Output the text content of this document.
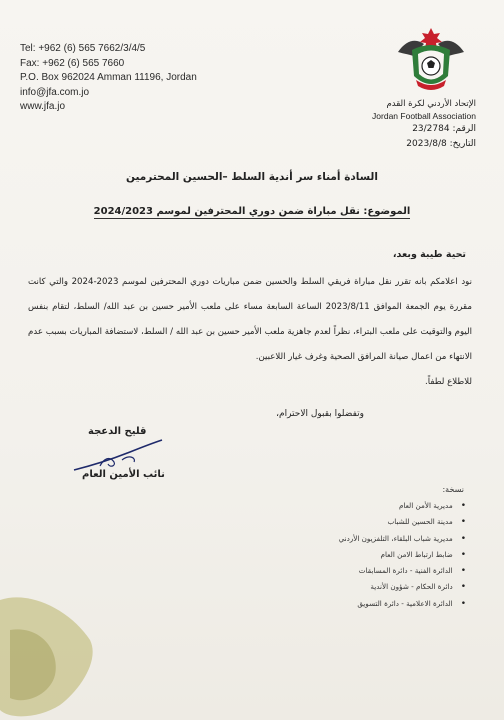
Tel: +962 (6) 565 7662/3/4/5
Fax: +962 (6) 565 7660
P.O. Box 962024 Amman 11196, Jordan
info@jfa.com.jo
www.jfa.jo	الإتحاد الأردني لكرة القدم
Jordan Football Association
الرقم: 23/2784
التاريخ: 2023/8/8
السادة أمناء سر أندية السلط –الحسين المحترمين
الموضوع: نقل مباراة ضمن دوري المحترفين لموسم 2024/2023
تحية طيبة وبعد،

نود اعلامكم بانه تقرر نقل مباراة فريقي السلط والحسين ضمن مباريات دوري المحترفين لموسم 2023-2024 والتي كانت مقررة يوم الجمعة الموافق 2023/8/11 الساعة السابعة مساء على ملعب الأمير حسين بن عبد الله/ السلط، لتقام بنفس اليوم والتوقيت على ملعب البتراء، نظراً لعدم جاهزية ملعب الأمير حسين بن عبد الله / السلط، لاستضافة المباريات بسبب عدم الانتهاء من اعمال صيانة المرافق الصحية وغرف غيار اللاعبين.

للاطلاع لطفاً.

وتفضلوا بقبول الاحترام،
قليح الدعجة
نائب الأمين العام
نسخة:
• مديرية الأمن العام
• مدينة الحسين للشباب
• مديرية شباب البلقاء، التلفزيون الأردني
• ضابط ارتباط الامن العام
• الدائرة الفنية - دائرة المسابقات
• دائرة الحكام - شؤون الأندية
• الدائرة الاعلامية - دائرة التسويق
